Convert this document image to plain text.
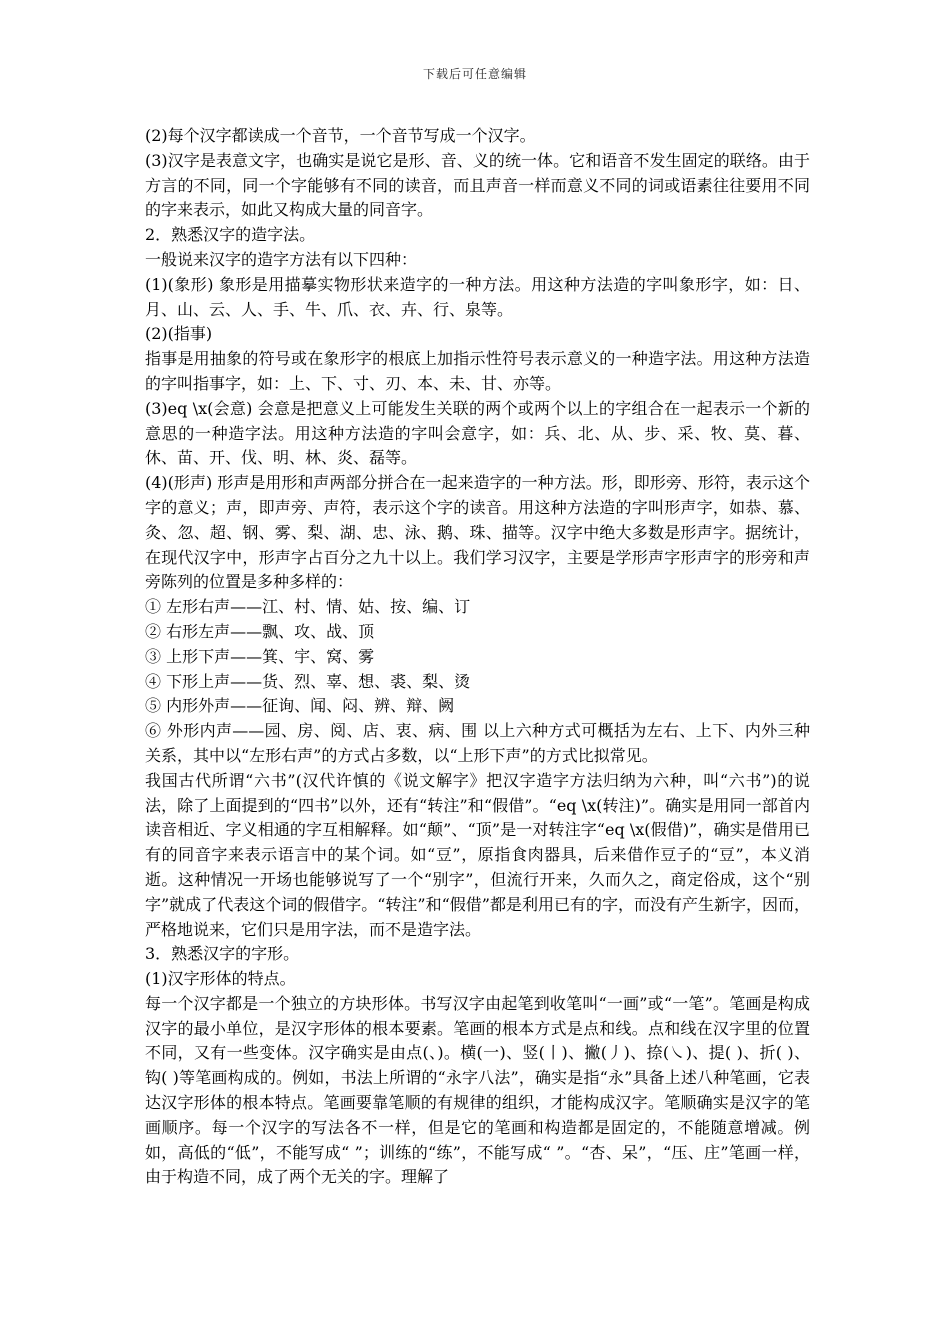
下载后可任意编辑

(2)每个汉字都读成一个音节，一个音节写成一个汉字。

(3)汉字是表意文字，也确实是说它是形、音、义的统一体。它和语音不发生固定的联络。由于方言的不同，同一个字能够有不同的读音，而且声音一样而意义不同的词或语素往往要用不同的字来表示，如此又构成大量的同音字。

2．熟悉汉字的造字法。

一般说来汉字的造字方法有以下四种：

(1)(象形) 象形是用描摹实物形状来造字的一种方法。用这种方法造的字叫象形字，如：日、月、山、云、人、手、牛、爪、衣、卉、行、泉等。

(2)(指事)

指事是用抽象的符号或在象形字的根底上加指示性符号表示意义的一种造字法。用这种方法造的字叫指事字，如：上、下、寸、刃、本、未、甘、亦等。

(3)eq \x(会意) 会意是把意义上可能发生关联的两个或两个以上的字组合在一起表示一个新的意思的一种造字法。用这种方法造的字叫会意字，如：兵、北、从、步、采、牧、莫、暮、休、苗、开、伐、明、林、炎、磊等。

(4)(形声) 形声是用形和声两部分拼合在一起来造字的一种方法。形，即形旁、形符，表示这个字的意义；声，即声旁、声符，表示这个字的读音。用这种方法造的字叫形声字，如恭、慕、灸、忽、超、钢、雾、梨、湖、忠、泳、鹅、珠、描等。汉字中绝大多数是形声字。据统计，在现代汉字中，形声字占百分之九十以上。我们学习汉字，主要是学形声字形声字的形旁和声旁陈列的位置是多种多样的：

① 左形右声——江、村、情、姑、按、编、订

② 右形左声——飘、攻、战、顶

③ 上形下声——箕、宇、窝、雾

④ 下形上声——货、烈、辜、想、裘、梨、烫

⑤ 内形外声——征询、闻、闷、辨、辩、阙

⑥ 外形内声——园、房、阅、店、衷、病、围 以上六种方式可概括为左右、上下、内外三种关系，其中以“左形右声”的方式占多数，以“上形下声”的方式比拟常见。

我国古代所谓“六书”(汉代许慎的《说文解字》把汉字造字方法归纳为六种，叫“六书”)的说法，除了上面提到的“四书”以外，还有“转注”和“假借”。“eq \x(转注)”。确实是用同一部首内读音相近、字义相通的字互相解释。如“颠”、“顶”是一对转注字“eq \x(假借)”，确实是借用已有的同音字来表示语言中的某个词。如“豆”，原指食肉器具，后来借作豆子的“豆”，本义消逝。这种情况一开场也能够说写了一个“别字”，但流行开来，久而久之，商定俗成，这个“别字”就成了代表这个词的假借字。“转注”和“假借”都是利用已有的字，而没有产生新字，因而，严格地说来，它们只是用字法，而不是造字法。

3．熟悉汉字的字形。

(1)汉字形体的特点。

每一个汉字都是一个独立的方块形体。书写汉字由起笔到收笔叫“一画”或“一笔”。笔画是构成汉字的最小单位，是汉字形体的根本要素。笔画的根本方式是点和线。点和线在汉字里的位置不同，又有一些变体。汉字确实是由点(、)。横(一)、竖(丨)、撇(丿)、捺(㇏)、提( )、折( )、钩( )等笔画构成的。例如，书法上所谓的“永字八法”，确实是指“永”具备上述八种笔画，它表达汉字形体的根本特点。笔画要靠笔顺的有规律的组织，才能构成汉字。笔顺确实是汉字的笔画顺序。每一个汉字的写法各不一样，但是它的笔画和构造都是固定的，不能随意增减。例如，高低的“低”，不能写成“ ”；训练的“练”，不能写成“ ”。“杏、呆”，“压、庄”笔画一样，由于构造不同，成了两个无关的字。理解了
